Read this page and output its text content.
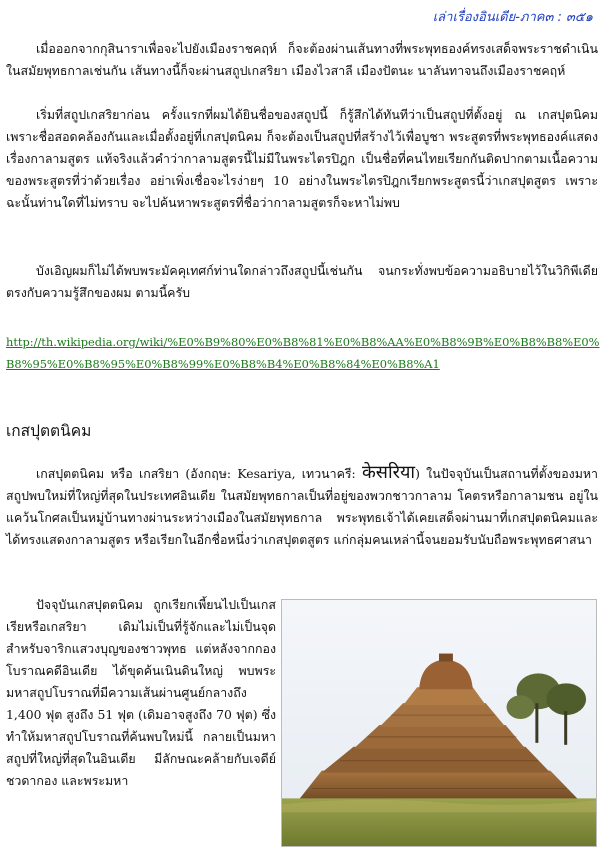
เล่าเรื่องอินเดีย-ภาค๓ : ๓๕๑

เมื่อออกจากกุสินาราเพื่อจะไปยังเมืองราชคฤห์ ก็จะต้องผ่านเส้นทางที่พระพุทธองค์ทรงเสด็จพระราชดำเนิน ในสมัยพุทธกาลเช่นกัน เส้นทางนี้ก็จะผ่านสถูปเกสริยา เมืองไวสาลี เมืองปัตนะ นาลันทาจนถึงเมืองราชคฤห์

เริ่มที่สถูปเกสริยาก่อน ครั้งแรกที่ผมได้ยินชื่อของสถูปนี้ ก็รู้สึกได้ทันทีว่าเป็นสถูปที่ตั้งอยู่ ณ เกสปุตนิคม เพราะชื่อสอดคล้องกันและเมื่อตั้งอยู่ที่เกสปุตนิคม ก็จะต้องเป็นสถูปที่สร้างไว้เพื่อบูชา พระสูตรที่พระพุทธองค์แสดงเรื่องกาลามสูตร แท้จริงแล้วคำว่ากาลามสูตรนี้ไม่มีในพระไตรปิฎก เป็นชื่อที่คนไทยเรียกกันติดปากตามเนื้อความของพระสูตรที่ว่าด้วยเรื่อง อย่าเพิ่งเชื่อจะไรง่ายๆ 10 อย่างในพระไตรปิฎกเรียกพระสูตรนี้ว่าเกสปุตสูตร เพราะฉะนั้นท่านใดที่ไม่ทราบ จะไปค้นหาพระสูตรที่ชื่อว่ากาลามสูตรก็จะหาไม่พบ

บังเอิญผมก็ไม่ได้พบพระมัคคุเทศก์ท่านใดกล่าวถึงสถูปนี้เช่นกัน จนกระทั่งพบข้อความอธิบายไว้ในวิกิพีเดียตรงกับความรู้สึกของผม ตามนี้ครับ

http://th.wikipedia.org/wiki/%E0%B9%80%E0%B8%81%E0%B8%AA%E0%B8%9B%E0%B8%B8%E0%B8%95%E0%B8%95%E0%B8%99%E0%B8%B4%E0%B8%84%E0%B8%A1
เกสปุตตนิคม

เกสปุตตนิคม หรือ เกสริยา (อังกฤษ: Kesariya, เทวนาครี: केसरिया) ในปัจจุบันเป็นสถานที่ตั้งของมหาสถูปพบใหม่ที่ใหญ่ที่สุดในประเทศอินเดีย ในสมัยพุทธกาลเป็นที่อยู่ของพวกชาวกาลาม โคตรหรือกาลามชน อยู่ในแคว้นโกศลเป็นหมู่บ้านทางผ่านระหว่างเมืองในสมัยพุทธกาล พระพุทธเจ้าได้เคยเสด็จผ่านมาที่เกสปุตตนิคมและได้ทรงแสดงกาลามสูตร หรือเรียกในอีกชื่อหนึ่งว่าเกสปุตตสูตร แก่กลุ่มคนเหล่านี้จนยอมรับนับถือพระพุทธศาสนา

ปัจจุบันเกสปุตตนิคม ถูกเรียกเพี้ยนไปเป็นเกสเรียหรือเกสริยา เดิมไม่เป็นที่รู้จักและไม่เป็นจุดสำหรับจาริกแสวงบุญของชาวพุทธ แต่หลังจากกองโบราณคดีอินเดีย ได้ขุดค้นเนินดินใหญ่ พบพระมหาสถูปโบราณที่มีความเส้นผ่านศูนย์กลางถึง 1,400 ฟุต สูงถึง 51 ฟุต (เดิมอาจสูงถึง 70 ฟุต) ซึ่งทำให้มหาสถูปโบราณที่ค้นพบใหม่นี้ กลายเป็นมหาสถูปที่ใหญ่ที่สุดในอินเดีย มีลักษณะคล้ายกับเจดีย์ชวดากอง และพระมหา
